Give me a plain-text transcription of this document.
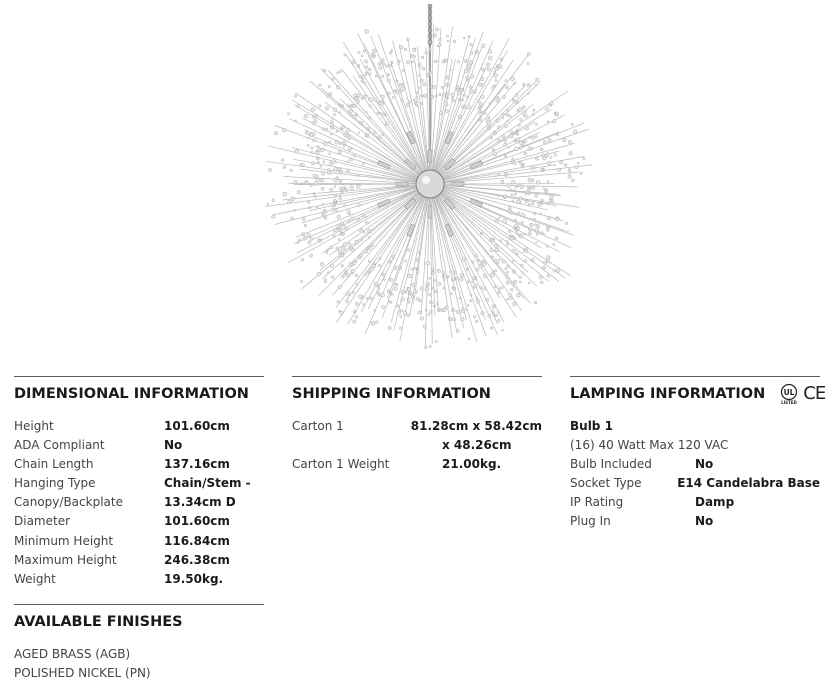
DIMENSIONAL INFORMATION
Height	101.60cm
ADA Compliant	No
Chain Length	137.16cm
Hanging Type	Chain/Stem -
Canopy/Backplate	13.34cm D
Diameter	101.60cm
Minimum Height	116.84cm
Maximum Height	246.38cm
Weight	19.50kg.
AVAILABLE FINISHES
AGED BRASS (AGB)
POLISHED NICKEL (PN)
SHIPPING INFORMATION
Carton 1	81.28cm x 58.42cm
x 48.26cm
Carton 1 Weight	21.00kg.
LAMPING INFORMATION UL
LISTED CE
Bulb 1
(16) 40 Watt Max 120 VAC
Bulb Included	No
Socket Type	E14 Candelabra Base
IP Rating	Damp
Plug In	No
